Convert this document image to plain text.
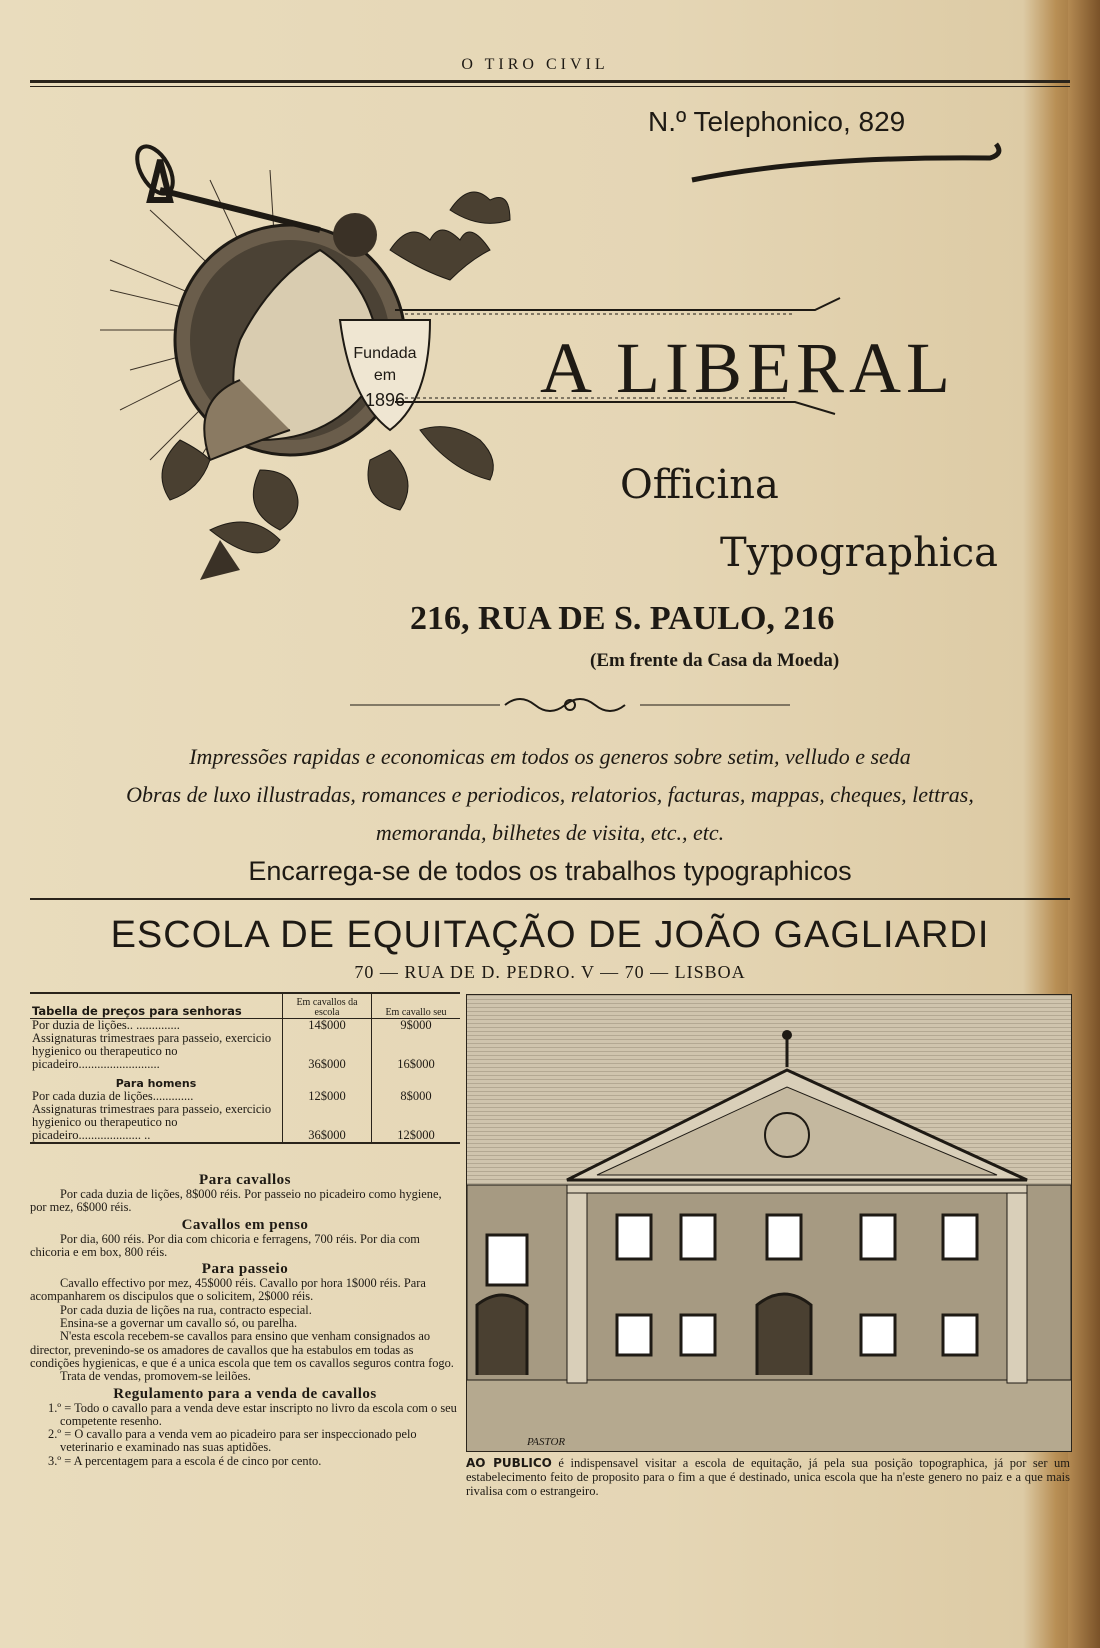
O TIRO CIVIL
N.º Telephonico, 829
Fundada
em
1896 A LIBERAL
Officina
Typographica
216, RUA DE S. PAULO, 216
(Em frente da Casa da Moeda)
Impressões rapidas e economicas em todos os generos sobre setim, velludo e seda
Obras de luxo illustradas, romances e periodicos, relatorios, facturas, mappas, cheques, lettras,
memoranda, bilhetes de visita, etc., etc.
Encarrega-se de todos os trabalhos typographicos
ESCOLA DE EQUITAÇÃO DE JOÃO GAGLIARDI
70 — RUA DE D. PEDRO. V — 70 — LISBOA
Tabella de preços para senhoras	Em cavallos da escola	Em cavallo seu
Por duzia de lições.. ..............	14$000	9$000
Assignaturas trimestraes para passeio, exercicio hygienico ou therapeutico no picadeiro..........................	36$000	16$000
Para homens		
Por cada duzia de lições.............	12$000	8$000
Assignaturas trimestraes para passeio, exercicio hygienico ou therapeutico no picadeiro.................... ..	36$000	12$000
Para cavallos

Por cada duzia de lições, 8$000 réis. Por passeio no picadeiro como hygiene, por mez, 6$000 réis.

Cavallos em penso

Por dia, 600 réis. Por dia com chicoria e ferragens, 700 réis. Por dia com chicoria e em box, 800 réis.

Para passeio

Cavallo effectivo por mez, 45$000 réis. Cavallo por hora 1$000 réis. Para acompanharem os discipulos que o solicitem, 2$000 réis.

Por cada duzia de lições na rua, contracto especial.

Ensina-se a governar um cavallo só, ou parelha.

N'esta escola recebem-se cavallos para ensino que venham consignados ao director, prevenindo-se os amadores de cavallos que ha estabulos em todas as condições hygienicas, e que é a unica escola que tem os cavallos seguros contra fogo.

Trata de vendas, promovem-se leilões.

Regulamento para a venda de cavallos

1.º = Todo o cavallo para a venda deve estar inscripto no livro da escola com o seu competente resenho.

2.º = O cavallo para a venda vem ao picadeiro para ser inspeccionado pelo veterinario e examinado nas suas aptidões.

3.º = A percentagem para a escola é de cinco por cento.

PASTOR
AO PUBLICO é indispensavel visitar a escola de equitação, já pela sua posição topographica, já por ser um estabelecimento feito de proposito para o fim a que é destinado, unica escola que ha n'este genero no paiz e a que mais rivalisa com o estrangeiro.
